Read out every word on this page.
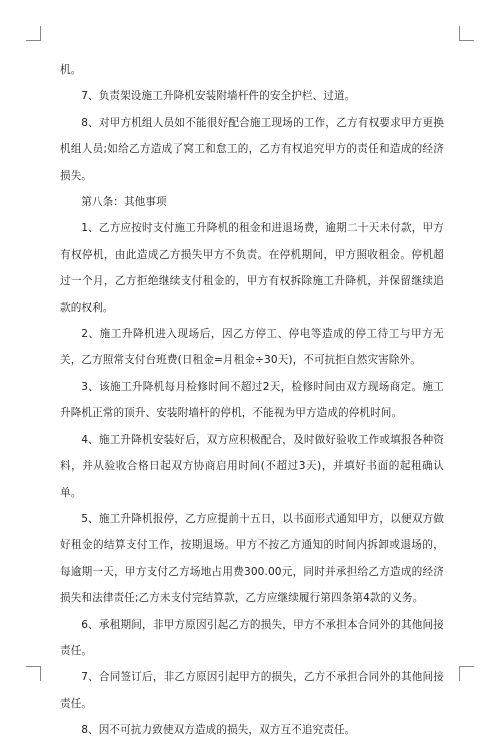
机。

7、负责架设施工升降机安装附墙杆件的安全护栏、过道。

8、对甲方机组人员如不能很好配合施工现场的工作，乙方有权要求甲方更换机组人员;如给乙方造成了窝工和怠工的，乙方有权追究甲方的责任和造成的经济损失。

第八条：其他事项

1、乙方应按时支付施工升降机的租金和进退场费，逾期二十天未付款，甲方有权停机，由此造成乙方损失甲方不负责。在停机期间，甲方照收租金。停机超过一个月，乙方拒绝继续支付租金的，甲方有权拆除施工升降机，并保留继续追款的权利。

2、施工升降机进入现场后，因乙方停工、停电等造成的停工待工与甲方无关，乙方照常支付台班费(日租金=月租金÷30天)，不可抗拒自然灾害除外。

3、该施工升降机每月检修时间不超过2天，检修时间由双方现场商定。施工升降机正常的顶升、安装附墙杆的停机，不能视为甲方造成的停机时间。

4、施工升降机安装好后，双方应积极配合，及时做好验收工作或填报各种资料，并从验收合格日起双方协商启用时间(不超过3天)，并填好书面的起租确认单。

5、施工升降机报停，乙方应提前十五日，以书面形式通知甲方，以便双方做好租金的结算支付工作，按期退场。甲方不按乙方通知的时间内拆卸或退场的，每逾期一天，甲方支付乙方场地占用费300.00元，同时并承担给乙方造成的经济损失和法律责任;乙方未支付完结算款，乙方应继续履行第四条第4款的义务。

6、承租期间，非甲方原因引起乙方的损失，甲方不承担本合同外的其他间接责任。

7、合同签订后，非乙方原因引起甲方的损失，乙方不承担合同外的其他间接责任。

8、因不可抗力致使双方造成的损失，双方互不追究责任。
